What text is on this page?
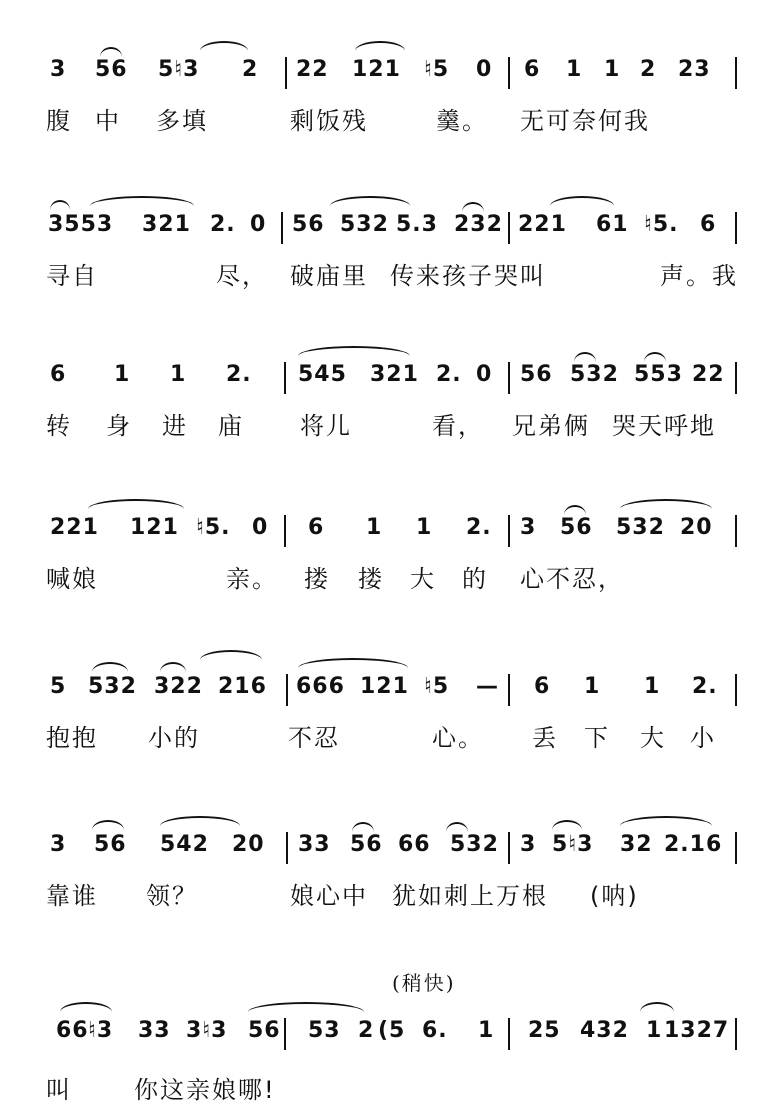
3 56 5♮3 2 22 121 ♮5 0 6 1 1 2 23
腹 中 多填	剩饭残	羹。 无可奈何我
3553 321 2. 0 56 532 5.3 232 221 61 ♮5. 6
寻自	尽， 破庙里 传来孩子哭叫	声。我
6 1 1 2. 545 321 2. 0 56 532 553 22
转 身 进 庙 将儿	看， 兄弟俩 哭天呼地
221 121 ♮5. 0 6 1 1 2. 3 56 532 20
喊娘	亲。 搂 搂 大 的 心不忍，
5 532 322 216 666 121 ♮5 — 6 1 1 2.
抱抱 小的	不忍	心。 丢 下 大 小
3 56 542 20 33 56 66 532 3 5♮3 32 2.16
靠谁 领？	娘心中 犹如刺上万根 (呐)
(稍快)
66 ♮3 33 3♮3 56 53 2 (5 6. 1 25 432 1 1327
叫	你这亲娘哪!
